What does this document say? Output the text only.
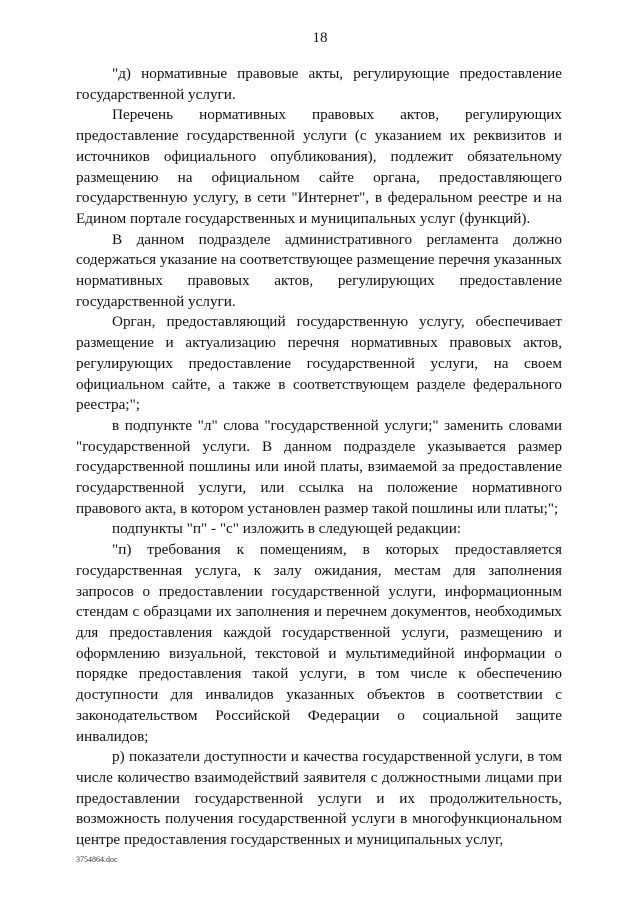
18

"д) нормативные правовые акты, регулирующие предоставление государственной услуги.

Перечень нормативных правовых актов, регулирующих предоставление государственной услуги (с указанием их реквизитов и источников официального опубликования), подлежит обязательному размещению на официальном сайте органа, предоставляющего государственную услугу, в сети "Интернет", в федеральном реестре и на Едином портале государственных и муниципальных услуг (функций).

В данном подразделе административного регламента должно содержаться указание на соответствующее размещение перечня указанных нормативных правовых актов, регулирующих предоставление государственной услуги.

Орган, предоставляющий государственную услугу, обеспечивает размещение и актуализацию перечня нормативных правовых актов, регулирующих предоставление государственной услуги, на своем официальном сайте, а также в соответствующем разделе федерального реестра;";

в подпункте "л" слова "государственной услуги;" заменить словами "государственной услуги. В данном подразделе указывается размер государственной пошлины или иной платы, взимаемой за предоставление государственной услуги, или ссылка на положение нормативного правового акта, в котором установлен размер такой пошлины или платы;";

подпункты "п" - "с" изложить в следующей редакции:

"п) требования к помещениям, в которых предоставляется государственная услуга, к залу ожидания, местам для заполнения запросов о предоставлении государственной услуги, информационным стендам с образцами их заполнения и перечнем документов, необходимых для предоставления каждой государственной услуги, размещению и оформлению визуальной, текстовой и мультимедийной информации о порядке предоставления такой услуги, в том числе к обеспечению доступности для инвалидов указанных объектов в соответствии с законодательством Российской Федерации о социальной защите инвалидов;

р) показатели доступности и качества государственной услуги, в том числе количество взаимодействий заявителя с должностными лицами при предоставлении государственной услуги и их продолжительность, возможность получения государственной услуги в многофункциональном центре предоставления государственных и муниципальных услуг,

3754864.doc
